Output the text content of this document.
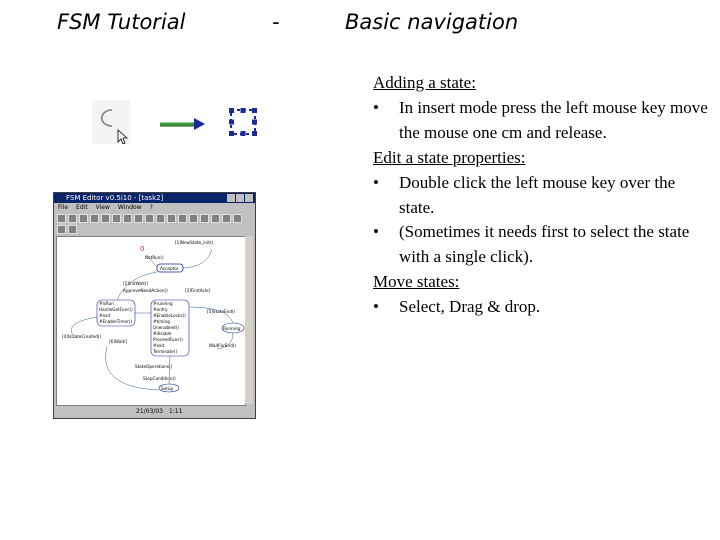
FSM Tutorial	-	Basic navigation
FSM Editor v0.5i10 - [task2]
File Edit View Window ?
0
[1]NewState_init()
NotRun()
Acceptor
[2]InitWait()
ApproveNeedAction()	[3]FirstAck()
#IsRun
HanlleGetFunc()
#exit
#EnableTimer()
[4]IsDateCreated()
#running
#entry
#EnableLocks()
#timing
Unenabled()
#disable
ProceedFunc()
#exit
Terminate()
[5]StateEnd()
Running
[6]Wait()
WaitForEnd()
StateOperations()
StopCondition()
Setup
21/03/03 1:11
Adding a state:
• In insert mode press the left mouse key move the mouse one cm and release.
Edit a state properties:
• Double click the left mouse key over the state.
• (Sometimes it needs first to select the state with a single click).
Move states:
• Select, Drag & drop.
